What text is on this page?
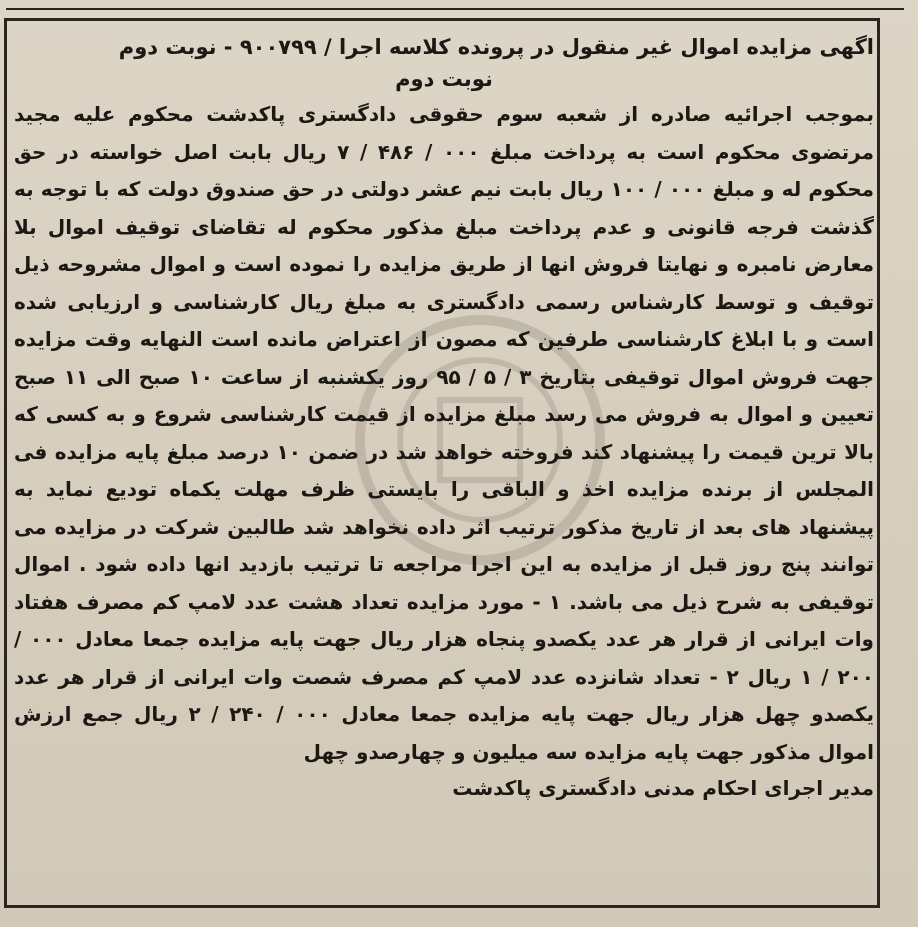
اگهی مزایده اموال غیر منقول در پرونده کلاسه اجرا / ۹۰۰۷۹۹ - نوبت دوم

نوبت دوم

بموجب اجرائیه صادره از شعبه سوم حقوقی دادگستری پاکدشت محکوم علیه مجید مرتضوی محکوم است به پرداخت مبلغ ۰۰۰ / ۴۸۶ / ۷ ریال بابت اصل خواسته در حق محکوم له و مبلغ ۰۰۰ / ۱۰۰ ریال بابت نیم عشر دولتی در حق صندوق دولت که با توجه به گذشت فرجه قانونی و عدم پرداخت مبلغ مذکور محکوم له تقاضای توقیف اموال بلا معارض نامبره و نهایتا فروش انها از طریق مزایده را نموده است و اموال مشروحه ذیل توقیف و توسط کارشناس رسمی دادگستری به مبلغ ریال کارشناسی و ارزیابی شده است و با ابلاغ کارشناسی طرفین که مصون از اعتراض مانده است النهایه وقت مزایده جهت فروش اموال توقیفی بتاریخ ۳ / ۵ / ۹۵ روز یکشنبه از ساعت ۱۰ صبح الی ۱۱ صبح تعیین و اموال به فروش می رسد مبلغ مزایده از قیمت کارشناسی شروع و به کسی که بالا ترین قیمت را پیشنهاد کند فروخته خواهد شد در ضمن ۱۰ درصد مبلغ پایه مزایده فی المجلس از برنده مزایده اخذ و الباقی را بایستی ظرف مهلت یکماه توديع نماید به پیشنهاد های بعد از تاریخ مذکور ترتیب اثر داده نخواهد شد طالبین شرکت در مزایده می توانند پنج روز قبل از مزایده به این اجرا مراجعه تا ترتیب بازدید انها داده شود . اموال توقیفی به شرح ذیل می باشد. ۱ - مورد مزایده تعداد هشت عدد لامپ کم مصرف هفتاد وات ایرانی از قرار هر عدد یکصدو پنجاه هزار ریال جهت پایه مزایده جمعا معادل ۰۰۰ / ۲۰۰ / ۱ ریال ۲ - تعداد شانزده عدد لامپ کم مصرف شصت وات ایرانی از قرار هر عدد یکصدو چهل هزار ریال جهت پایه مزایده جمعا معادل ۰۰۰ / ۲۴۰ / ۲ ریال جمع ارزش اموال مذکور جهت پایه مزایده سه میلیون و چهارصدو چهل

مدیر اجرای احکام مدنی دادگستری پاکدشت
